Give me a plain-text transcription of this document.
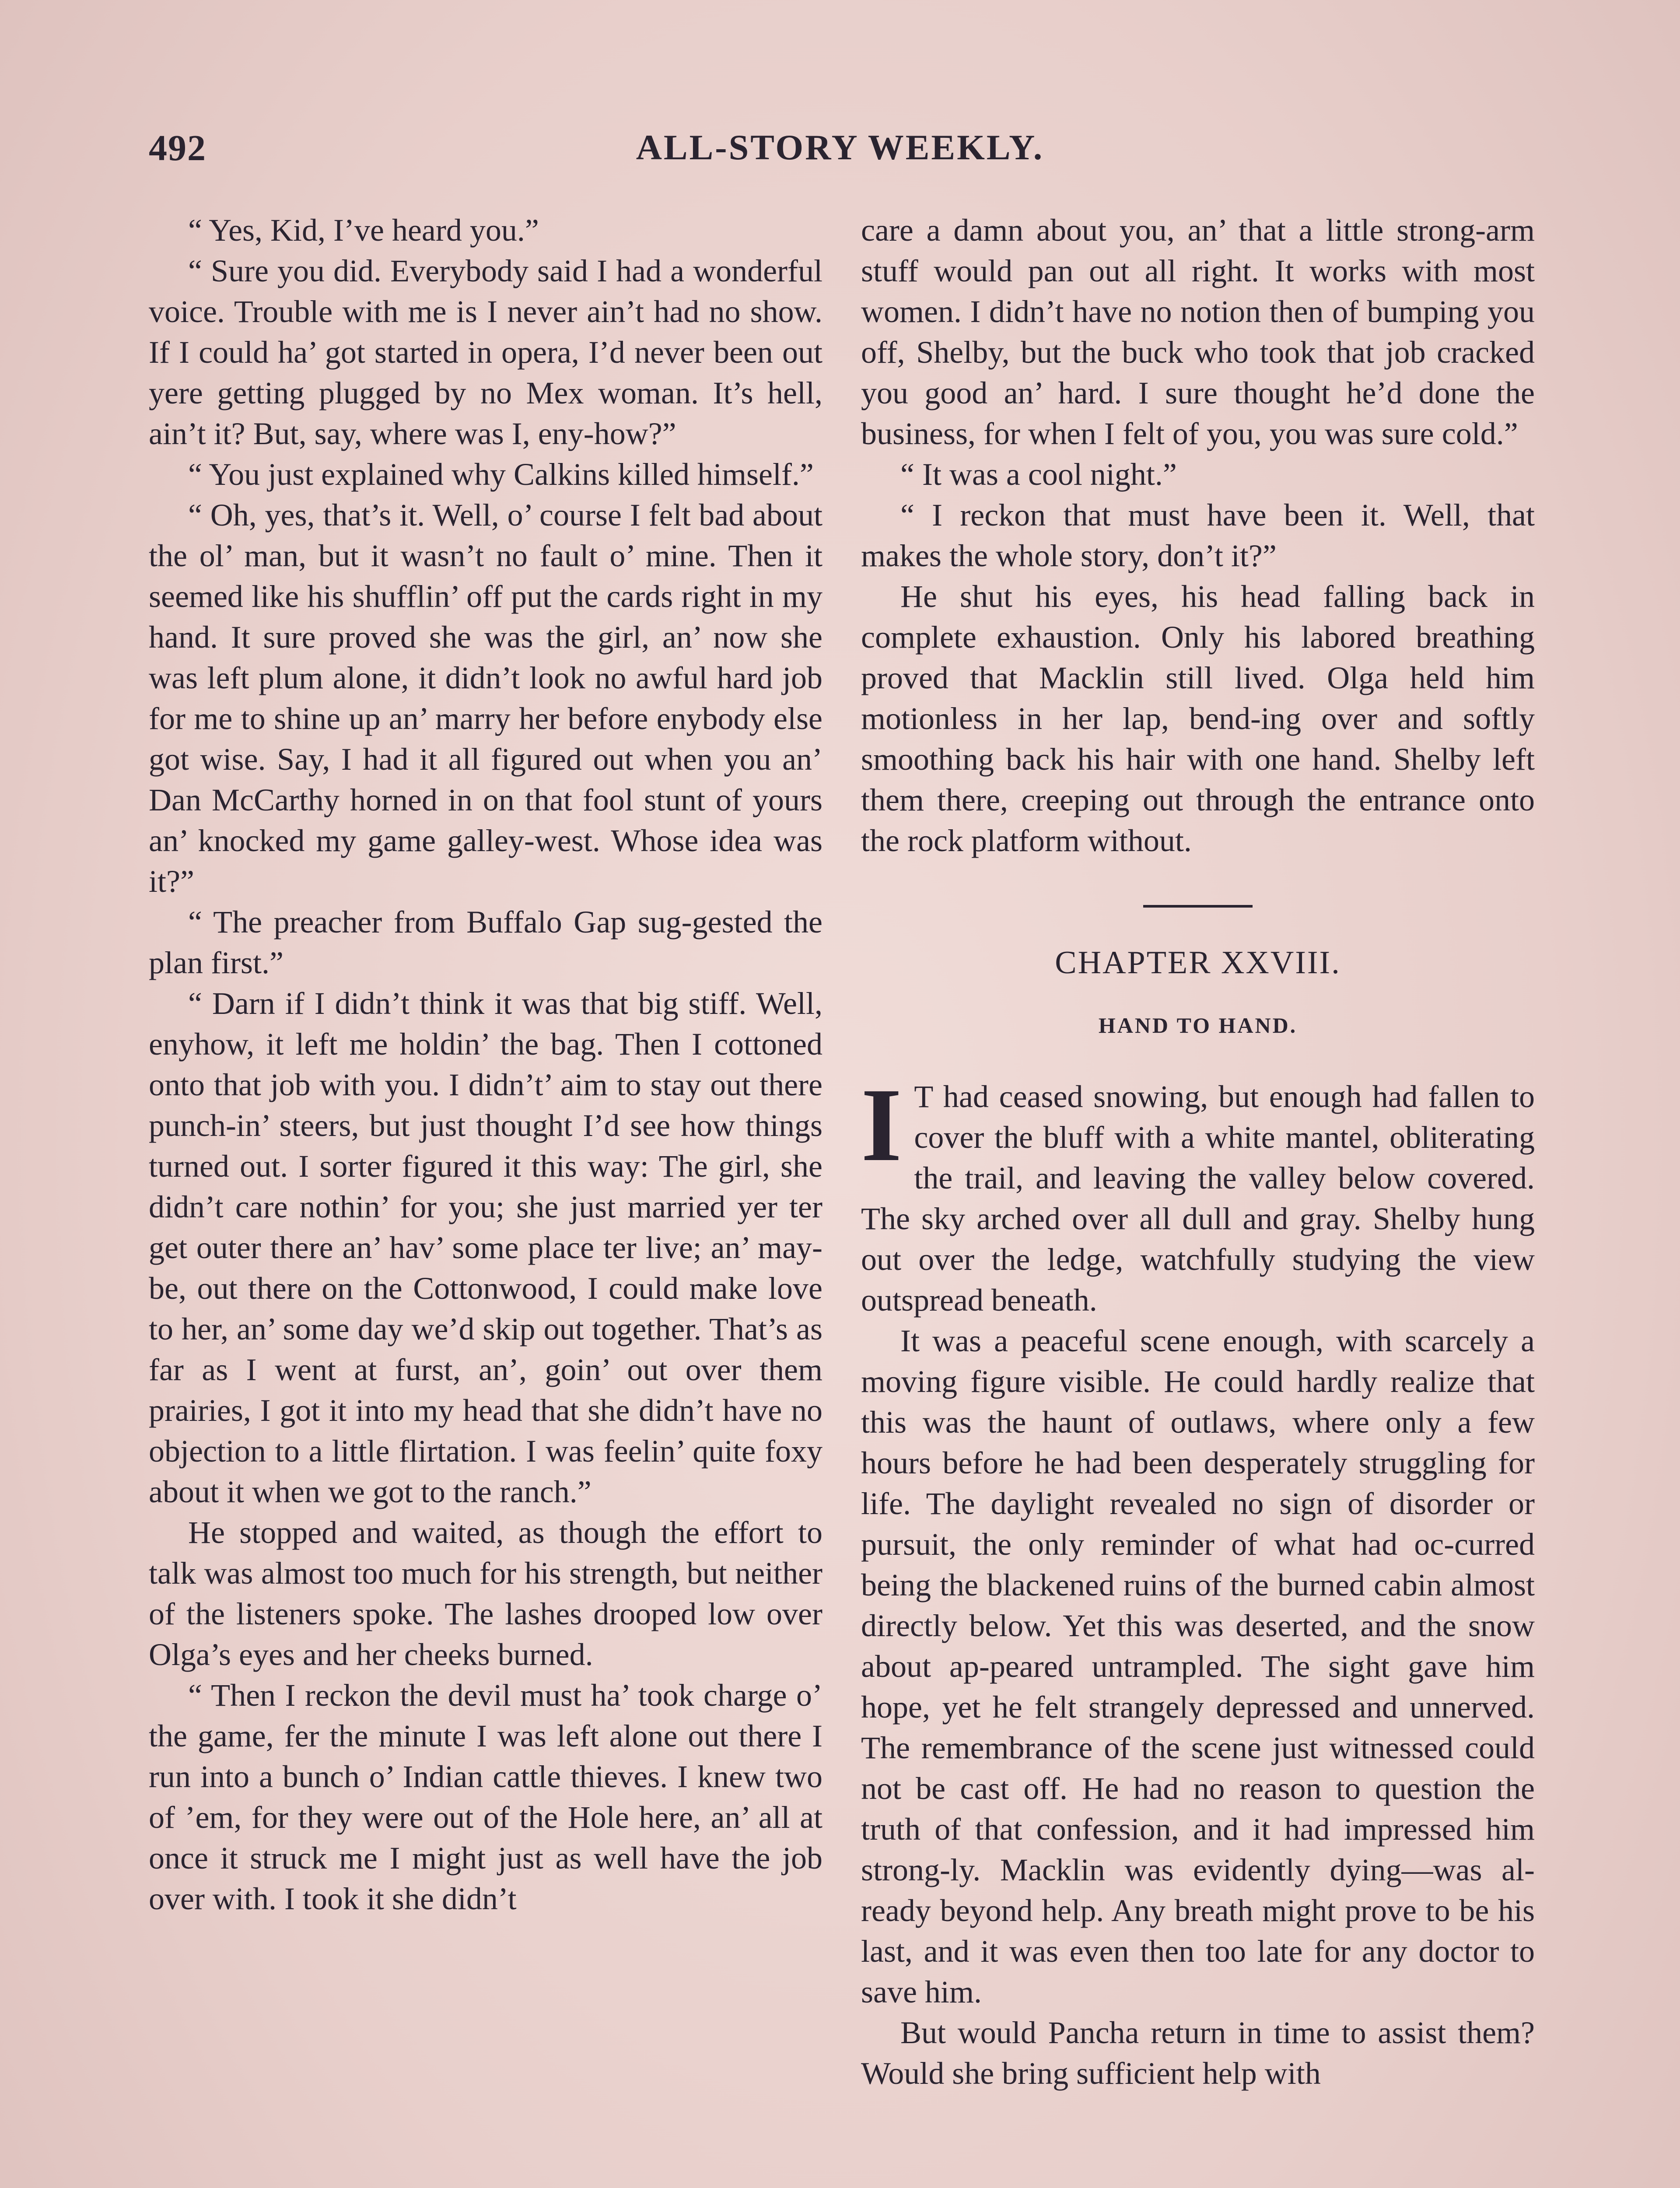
492	ALL-STORY WEEKLY.

“ Yes, Kid, I’ve heard you.”

“ Sure you did. Everybody said I had a wonderful voice. Trouble with me is I never ain’t had no show. If I could ha’ got started in opera, I’d never been out yere getting plugged by no Mex woman. It’s hell, ain’t it? But, say, where was I, eny-how?”

“ You just explained why Calkins killed himself.”

“ Oh, yes, that’s it. Well, o’ course I felt bad about the ol’ man, but it wasn’t no fault o’ mine. Then it seemed like his shufflin’ off put the cards right in my hand. It sure proved she was the girl, an’ now she was left plum alone, it didn’t look no awful hard job for me to shine up an’ marry her before enybody else got wise. Say, I had it all figured out when you an’ Dan McCarthy horned in on that fool stunt of yours an’ knocked my game galley-west. Whose idea was it?”

“ The preacher from Buffalo Gap sug-gested the plan first.”

“ Darn if I didn’t think it was that big stiff. Well, enyhow, it left me holdin’ the bag. Then I cottoned onto that job with you. I didn’t’ aim to stay out there punch-in’ steers, but just thought I’d see how things turned out. I sorter figured it this way: The girl, she didn’t care nothin’ for you; she just married yer ter get outer there an’ hav’ some place ter live; an’ may-be, out there on the Cottonwood, I could make love to her, an’ some day we’d skip out together. That’s as far as I went at furst, an’, goin’ out over them prairies, I got it into my head that she didn’t have no objection to a little flirtation. I was feelin’ quite foxy about it when we got to the ranch.”

He stopped and waited, as though the effort to talk was almost too much for his strength, but neither of the listeners spoke. The lashes drooped low over Olga’s eyes and her cheeks burned.

“ Then I reckon the devil must ha’ took charge o’ the game, fer the minute I was left alone out there I run into a bunch o’ Indian cattle thieves. I knew two of ’em, for they were out of the Hole here, an’ all at once it struck me I might just as well have the job over with. I took it she didn’t

care a damn about you, an’ that a little strong-arm stuff would pan out all right. It works with most women. I didn’t have no notion then of bumping you off, Shelby, but the buck who took that job cracked you good an’ hard. I sure thought he’d done the business, for when I felt of you, you was sure cold.”

“ It was a cool night.”

“ I reckon that must have been it. Well, that makes the whole story, don’t it?”

He shut his eyes, his head falling back in complete exhaustion. Only his labored breathing proved that Macklin still lived. Olga held him motionless in her lap, bend-ing over and softly smoothing back his hair with one hand. Shelby left them there, creeping out through the entrance onto the rock platform without.

CHAPTER XXVIII.
HAND TO HAND.

I T had ceased snowing, but enough had fallen to cover the bluff with a white mantel, obliterating the trail, and leaving the valley below covered. The sky arched over all dull and gray. Shelby hung out over the ledge, watchfully studying the view outspread beneath.

It was a peaceful scene enough, with scarcely a moving figure visible. He could hardly realize that this was the haunt of outlaws, where only a few hours before he had been desperately struggling for life. The daylight revealed no sign of disorder or pursuit, the only reminder of what had oc-curred being the blackened ruins of the burned cabin almost directly below. Yet this was deserted, and the snow about ap-peared untrampled. The sight gave him hope, yet he felt strangely depressed and unnerved. The remembrance of the scene just witnessed could not be cast off. He had no reason to question the truth of that confession, and it had impressed him strong-ly. Macklin was evidently dying—was al-ready beyond help. Any breath might prove to be his last, and it was even then too late for any doctor to save him.

But would Pancha return in time to assist them? Would she bring sufficient help with
